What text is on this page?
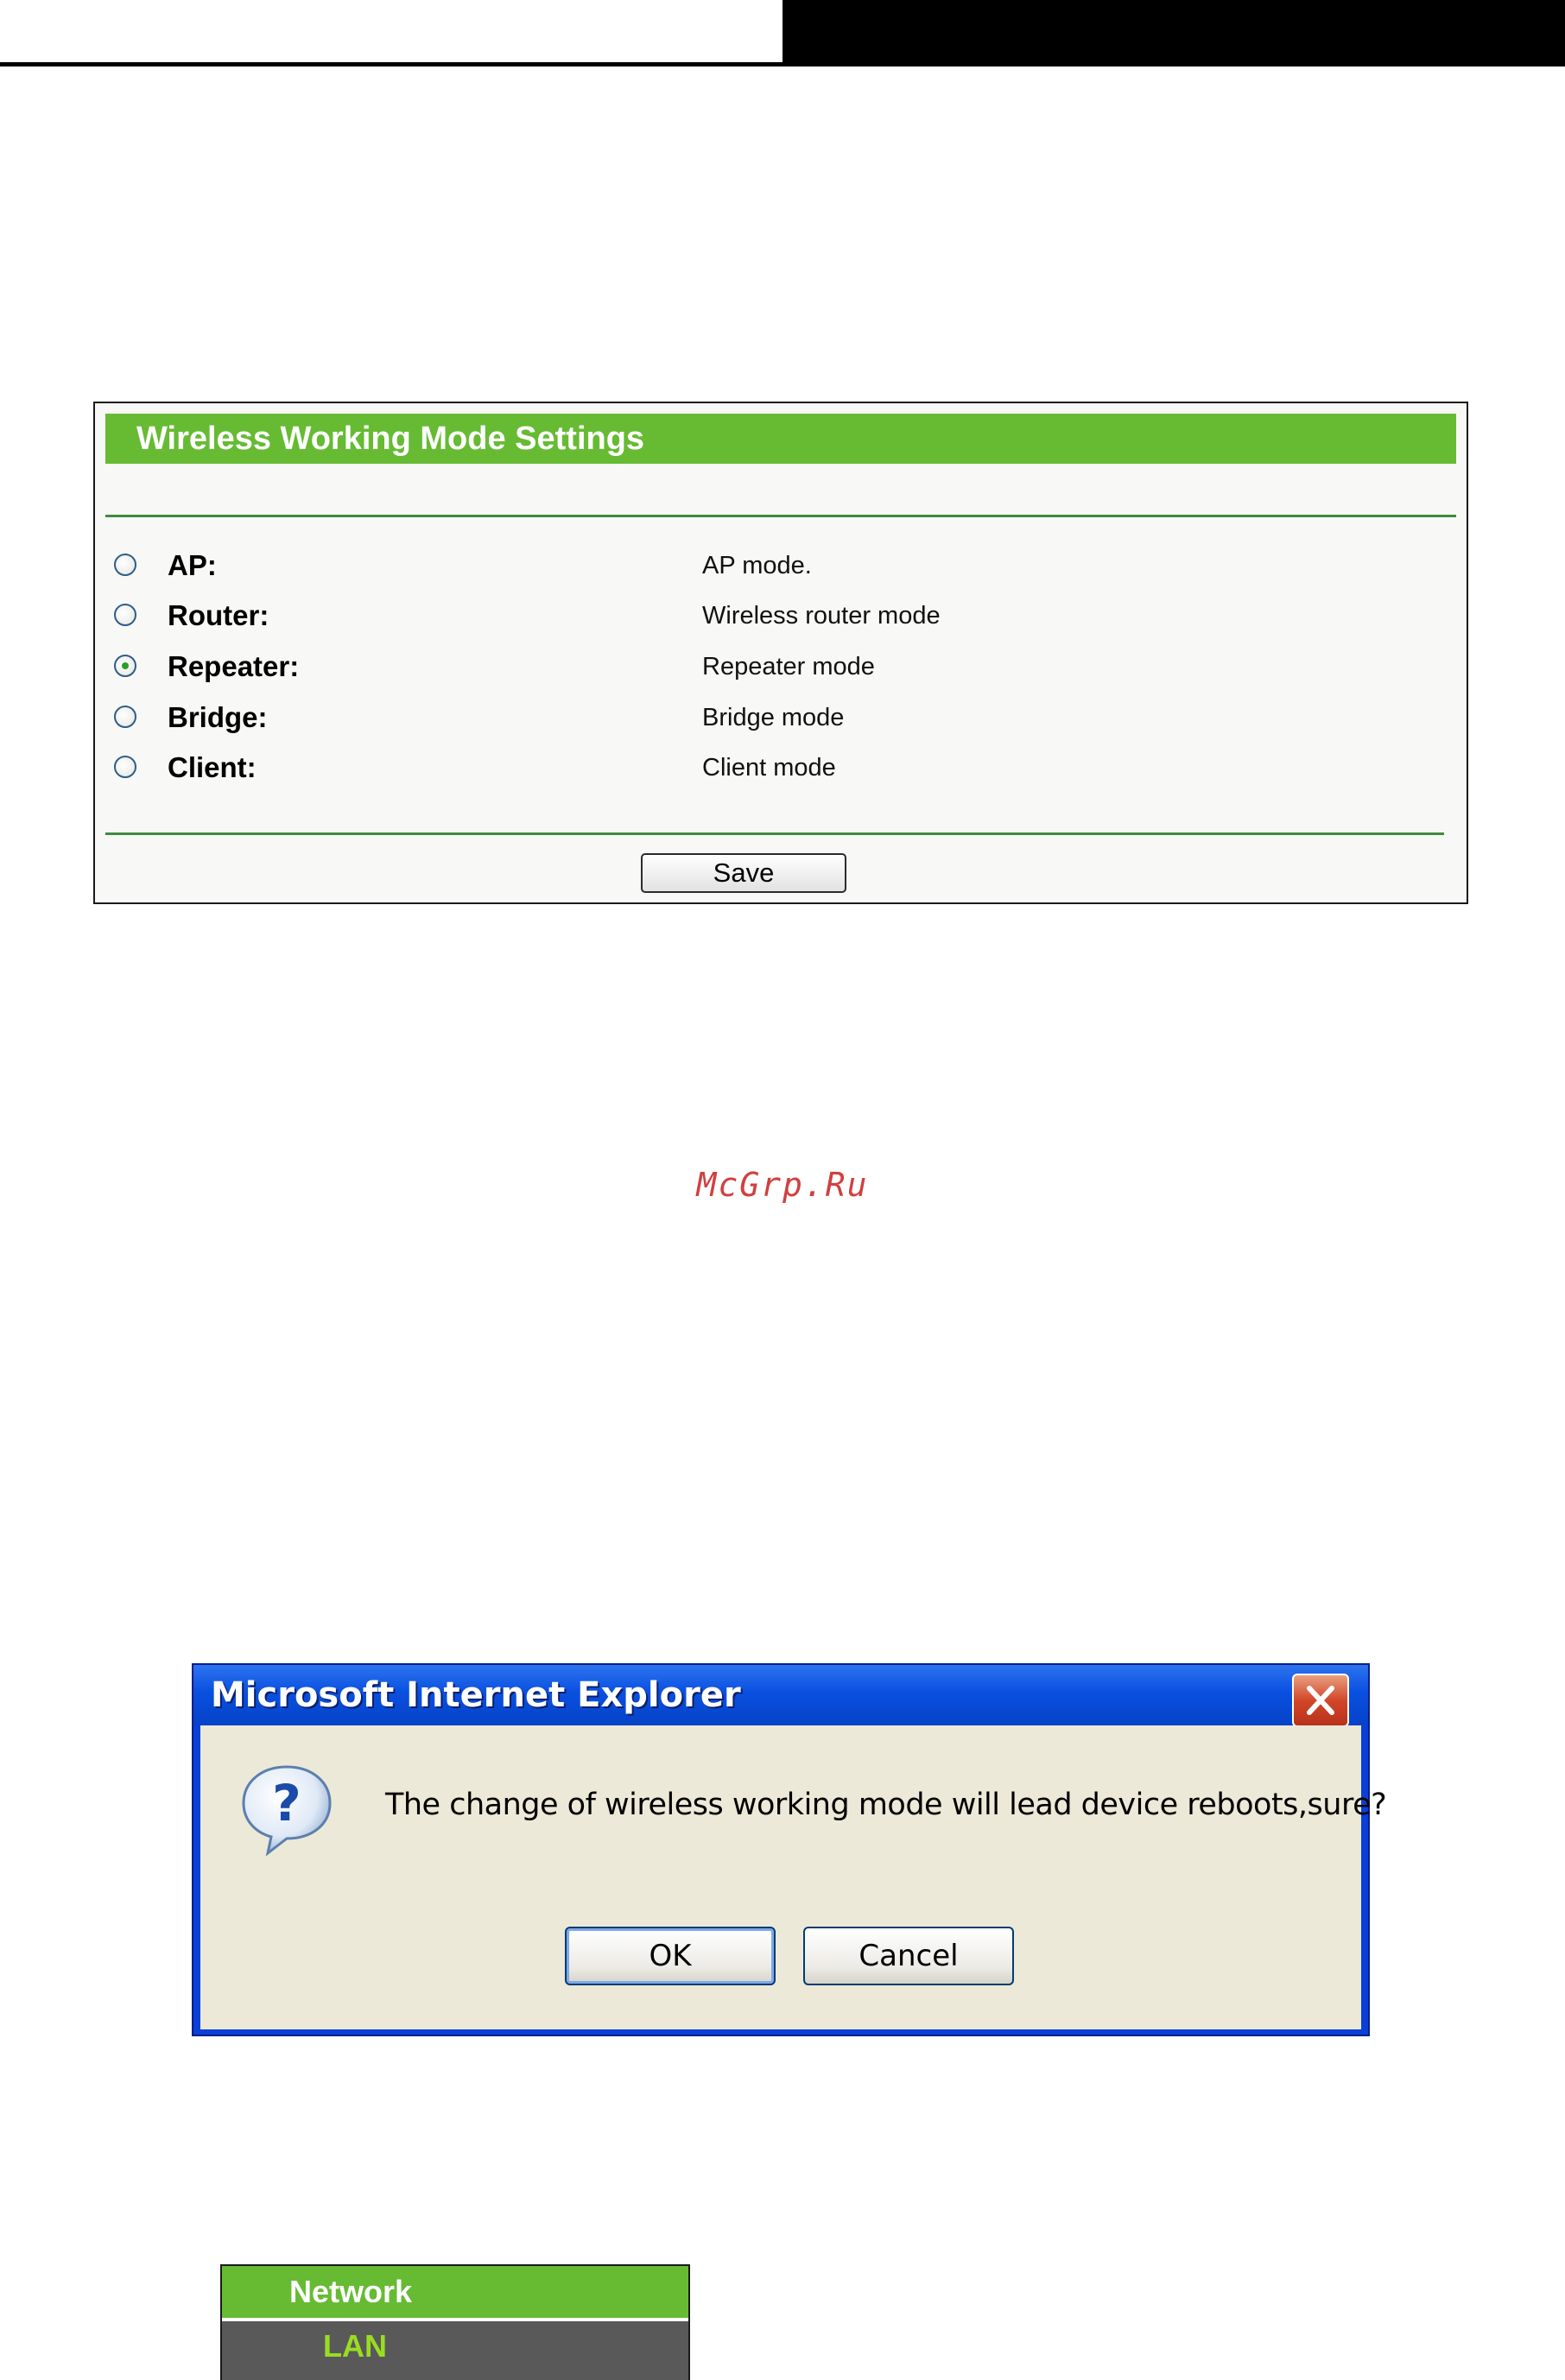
Wireless Working Mode Settings
AP:	AP mode.
Router:	Wireless router mode
Repeater:	Repeater mode
Bridge:	Bridge mode
Client:	Client mode
Save
McGrp.Ru
Microsoft Internet Explorer
?	The change of wireless working mode will lead device reboots,sure?
OK	Cancel
Network
LAN
